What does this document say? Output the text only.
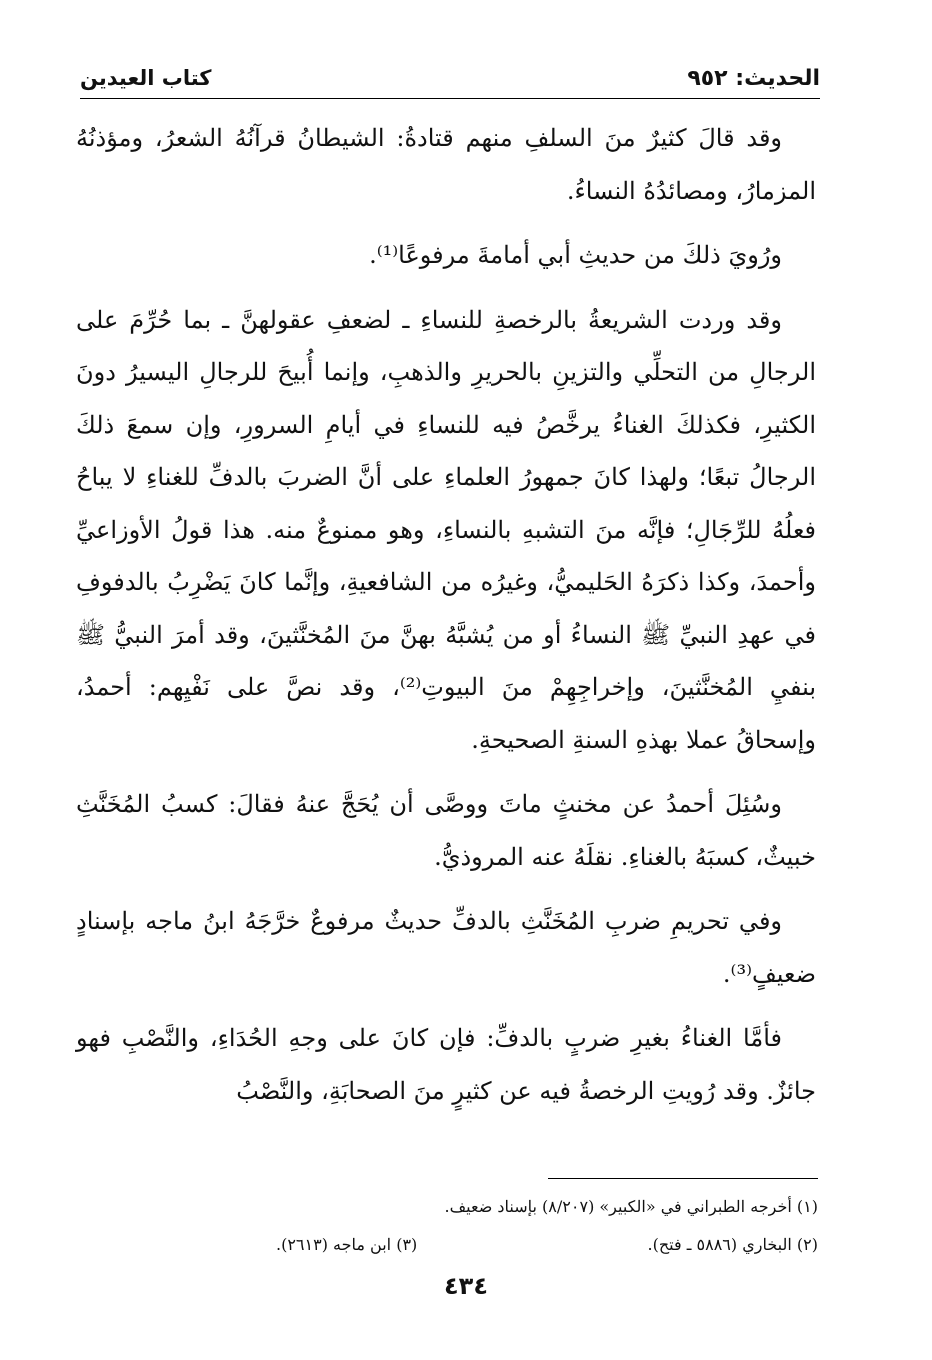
الحديث: ٩٥٢
كتاب العيدين

وقد قالَ كثيرٌ منَ السلفِ منهم قتادةُ: الشيطانُ قرآنُهُ الشعرُ، ومؤذنُهُ المزمارُ، ومصائدُهُ النساءُ.

ورُويَ ذلكَ من حديثِ أبي أمامةَ مرفوعًا⁽¹⁾.

وقد وردت الشريعةُ بالرخصةِ للنساءِ ـ لضعفِ عقولهنَّ ـ بما حُرِّمَ على الرجالِ من التحلِّي والتزينِ بالحريرِ والذهبِ، وإنما أُبيحَ للرجالِ اليسيرُ دونَ الكثيرِ، فكذلكَ الغناءُ يرخَّصُ فيه للنساءِ في أيامِ السرورِ، وإن سمعَ ذلكَ الرجالُ تبعًا؛ ولهذا كانَ جمهورُ العلماءِ على أنَّ الضربَ بالدفِّ للغناءِ لا يباحُ فعلُهُ للرِّجَالِ؛ فإنَّه منَ التشبهِ بالنساءِ، وهو ممنوعٌ منه. هذا قولُ الأوزاعيِّ وأحمدَ، وكذا ذكرَهُ الحَليميُّ، وغيرُه من الشافعيةِ، وإنَّما كانَ يَضْرِبُ بالدفوفِ في عهدِ النبيِّ ﷺ النساءُ أو من يُشبَّهُ بهنَّ منَ المُخنَّثينَ، وقد أمرَ النبيُّ ﷺ بنفيِ المُخنَّثينَ، وإخراجِهِمْ منَ البيوتِ⁽²⁾، وقد نصَّ على نَفْيِهم: أحمدُ، وإسحاقُ عملا بهذهِ السنةِ الصحيحةِ.

وسُئِلَ أحمدُ عن مخنثٍ ماتَ ووصَّى أن يُحَجَّ عنهُ فقالَ: كسبُ المُخَنَّثِ خبيثٌ، كسبَهُ بالغناءِ. نقلَهُ عنه المروذيُّ.

وفي تحريمِ ضربِ المُخَنَّثِ بالدفِّ حديثٌ مرفوعٌ خرَّجَهُ ابنُ ماجه بإسنادٍ ضعيفٍ⁽³⁾.

فأمَّا الغناءُ بغيرِ ضربٍ بالدفِّ: فإن كانَ على وجهِ الحُدَاءِ، والنَّصْبِ فهو جائزٌ. وقد رُويتِ الرخصةُ فيه عن كثيرٍ منَ الصحابَةِ، والنَّصْبُ

(١) أخرجه الطبراني في «الكبير» (٨/٢٠٧) بإسناد ضعيف.
(٢) البخاري (٥٨٨٦ ـ فتح).
(٣) ابن ماجه (٢٦١٣).
٤٣٤
